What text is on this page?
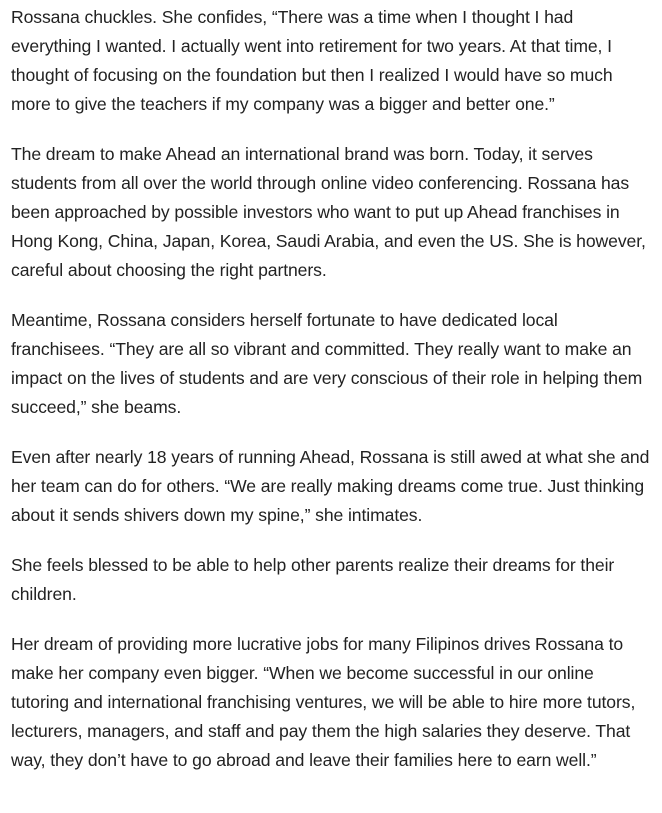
Rossana chuckles. She confides, “There was a time when I thought I had everything I wanted. I actually went into retirement for two years. At that time, I thought of focusing on the foundation but then I realized I would have so much more to give the teachers if my company was a bigger and better one.”

The dream to make Ahead an international brand was born. Today, it serves students from all over the world through online video conferencing. Rossana has been approached by possible investors who want to put up Ahead franchises in Hong Kong, China, Japan, Korea, Saudi Arabia, and even the US. She is however, careful about choosing the right partners.

Meantime, Rossana considers herself fortunate to have dedicated local franchisees. “They are all so vibrant and committed. They really want to make an impact on the lives of students and are very conscious of their role in helping them succeed,” she beams.

Even after nearly 18 years of running Ahead, Rossana is still awed at what she and her team can do for others. “We are really making dreams come true. Just thinking about it sends shivers down my spine,” she intimates.

She feels blessed to be able to help other parents realize their dreams for their children.

Her dream of providing more lucrative jobs for many Filipinos drives Rossana to make her company even bigger. “When we become successful in our online tutoring and international franchising ventures, we will be able to hire more tutors, lecturers, managers, and staff and pay them the high salaries they deserve. That way, they don’t have to go abroad and leave their families here to earn well.”
